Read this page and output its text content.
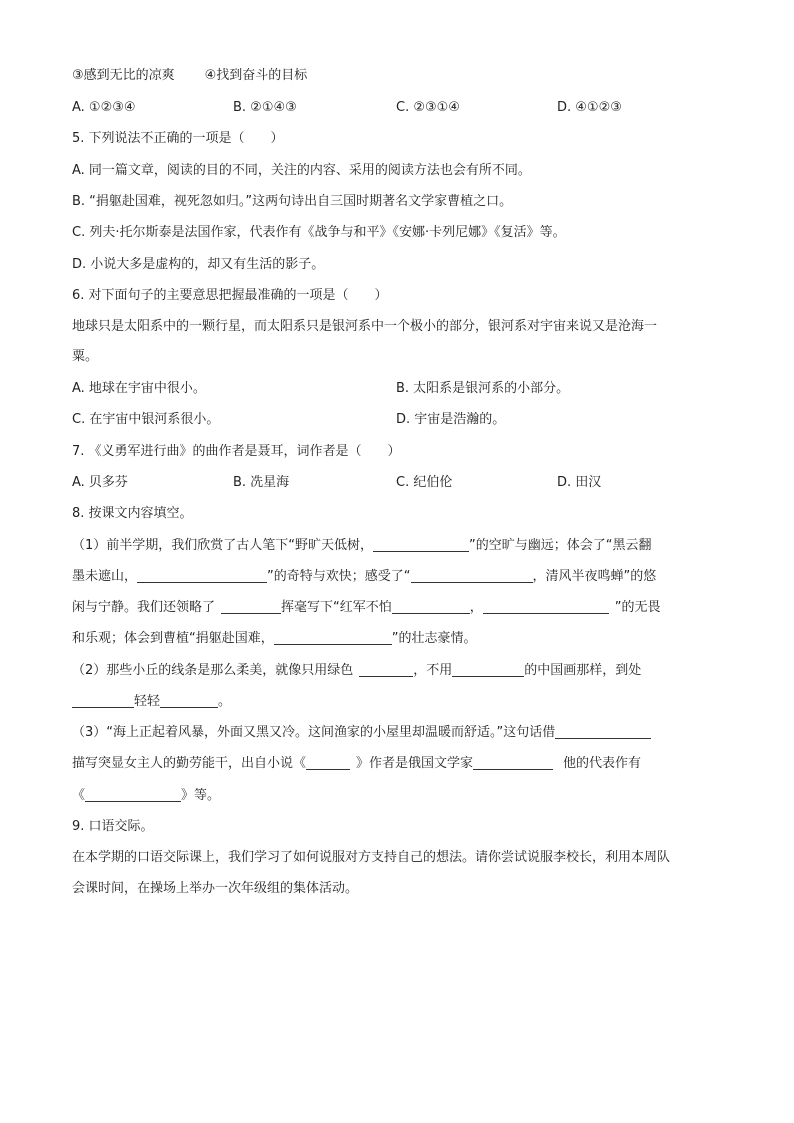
③感到无比的凉爽 ④找到奋斗的目标
A. ①②③④	B. ②①④③	C. ②③①④	D. ④①②③
5. 下列说法不正确的一项是（　　）
A. 同一篇文章，阅读的目的不同，关注的内容、采用的阅读方法也会有所不同。
B. “捐躯赴国难，视死忽如归。”这两句诗出自三国时期著名文学家曹植之口。
C. 列夫·托尔斯泰是法国作家，代表作有《战争与和平》《安娜·卡列尼娜》《复活》等。
D. 小说大多是虚构的，却又有生活的影子。
6. 对下面句子的主要意思把握最准确的一项是（　　）
地球只是太阳系中的一颗行星，而太阳系只是银河系中一个极小的部分，银河系对宇宙来说又是沧海一
粟。
A. 地球在宇宙中很小。	B. 太阳系是银河系的小部分。
C. 在宇宙中银河系很小。	D. 宇宙是浩瀚的。
7. 《义勇军进行曲》的曲作者是聂耳，词作者是（　　）
A. 贝多芬	B. 冼星海	C. 纪伯伦	D. 田汉
8. 按课文内容填空。
（1）前半学期，我们欣赏了古人笔下“野旷天低树，	”的空旷与幽远；体会了“黑云翻
墨未遮山，	”的奇特与欢快；感受了“	，清风半夜鸣蝉”的悠
闲与宁静。我们还领略了	挥毫写下“红军不怕	，	”的无畏
和乐观；体会到曹植“捐躯赴国难，	”的壮志豪情。
（2）那些小丘的线条是那么柔美，就像只用绿色	，不用	的中国画那样，到处
轻轻	。
（3）“海上正起着风暴，外面又黑又冷。这间渔家的小屋里却温暖而舒适。”这句话借
描写突显女主人的勤劳能干，出自小说《	》作者是俄国文学家	他的代表作有
《	》等。
9. 口语交际。
在本学期的口语交际课上，我们学习了如何说服对方支持自己的想法。请你尝试说服李校长，利用本周队
会课时间，在操场上举办一次年级组的集体活动。
